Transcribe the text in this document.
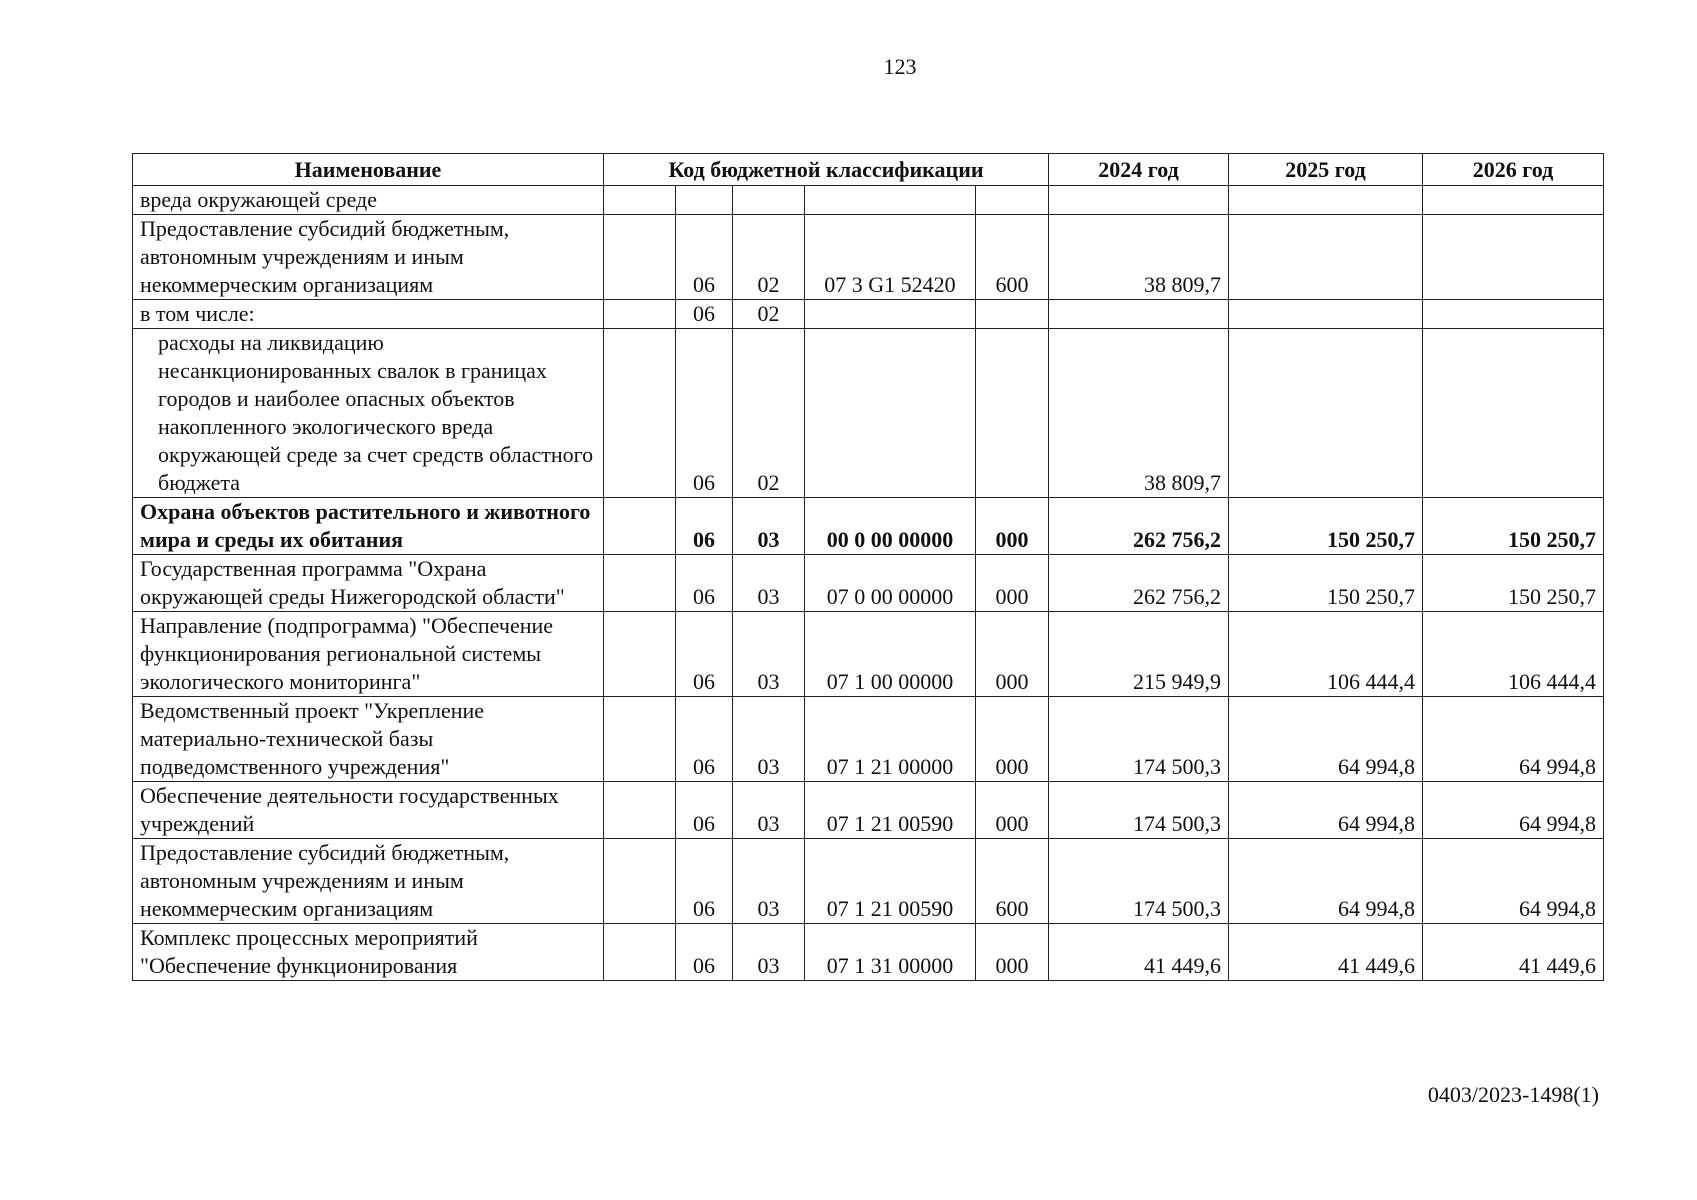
123
Наименование	Код бюджетной классификации					2024 год	2025 год	2026 год
вреда окружающей среде								
Предоставление субсидий бюджетным, автономным учреждениям и иным некоммерческим организациям		06	02	07 3 G1 52420	600	38 809,7		
в том числе:		06	02					
расходы на ликвидацию несанкционированных свалок в границах городов и наиболее опасных объектов накопленного экологического вреда окружающей среде за счет средств областного бюджета		06	02			38 809,7		
Охрана объектов растительного и животного мира и среды их обитания		06	03	00 0 00 00000	000	262 756,2	150 250,7	150 250,7
Государственная программа "Охрана окружающей среды Нижегородской области"		06	03	07 0 00 00000	000	262 756,2	150 250,7	150 250,7
Направление (подпрограмма) "Обеспечение функционирования региональной системы экологического мониторинга"		06	03	07 1 00 00000	000	215 949,9	106 444,4	106 444,4
Ведомственный проект "Укрепление материально-технической базы подведомственного учреждения"		06	03	07 1 21 00000	000	174 500,3	64 994,8	64 994,8
Обеспечение деятельности государственных учреждений		06	03	07 1 21 00590	000	174 500,3	64 994,8	64 994,8
Предоставление субсидий бюджетным, автономным учреждениям и иным некоммерческим организациям		06	03	07 1 21 00590	600	174 500,3	64 994,8	64 994,8
Комплекс процессных мероприятий "Обеспечение функционирования		06	03	07 1 31 00000	000	41 449,6	41 449,6	41 449,6
0403/2023-1498(1)
